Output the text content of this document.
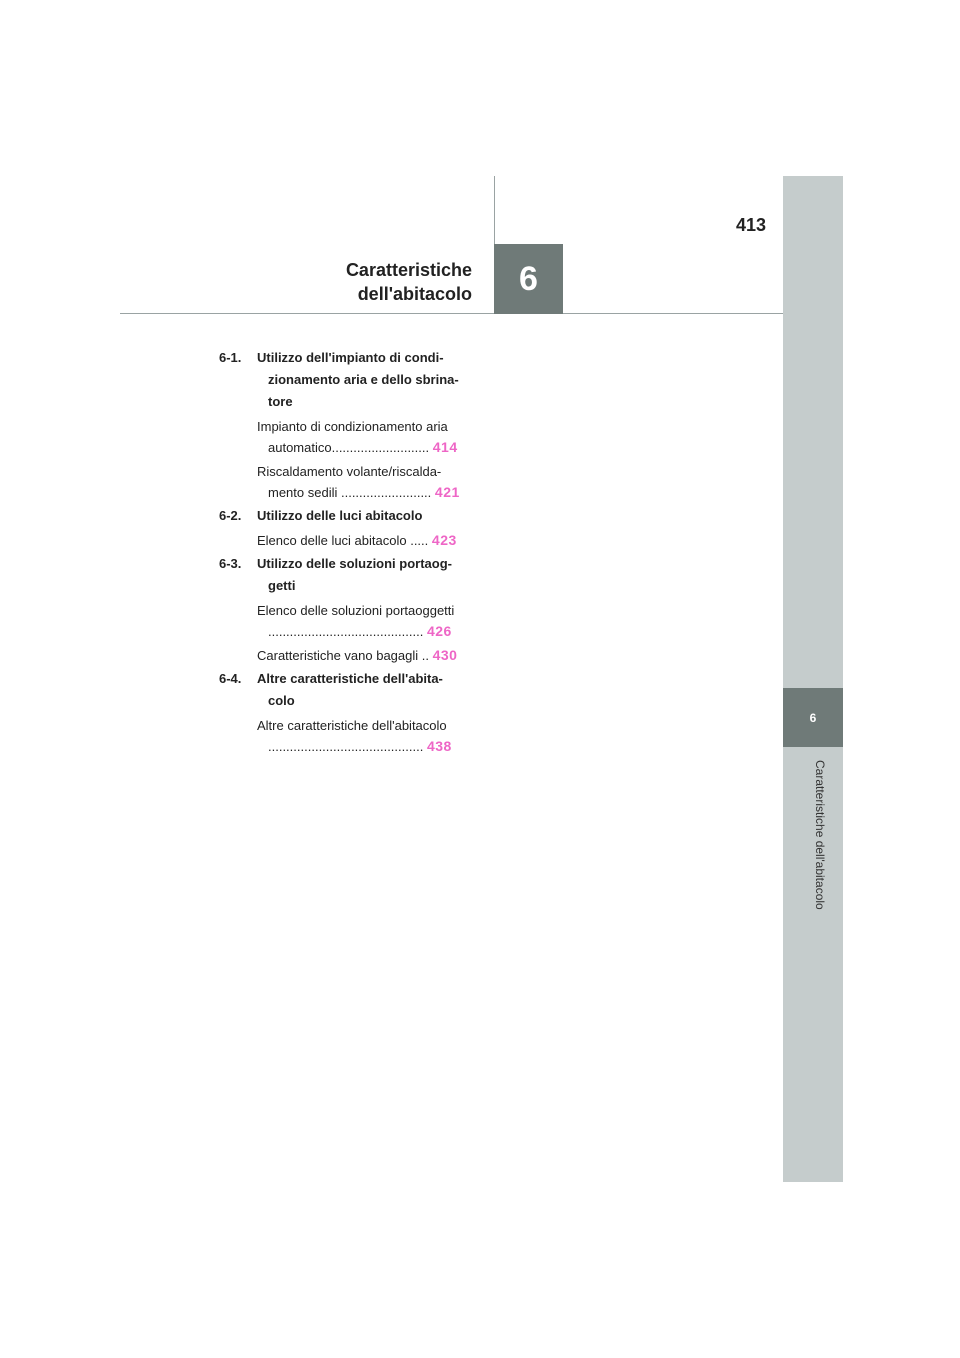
6
Caratteristiche dell'abitacolo
6
Caratteristiche
dell'abitacolo
413
6-1. Utilizzo dell'impianto di condi-
zionamento aria e dello sbrina-
tore
Impianto di condizionamento aria
automatico........................... 414
Riscaldamento volante/riscalda-
mento sedili ......................... 421
6-2. Utilizzo delle luci abitacolo
Elenco delle luci abitacolo ..... 423
6-3. Utilizzo delle soluzioni portaog-
getti
Elenco delle soluzioni portaoggetti
........................................... 426
Caratteristiche vano bagagli .. 430
6-4. Altre caratteristiche dell'abita-
colo
Altre caratteristiche dell'abitacolo
........................................... 438
